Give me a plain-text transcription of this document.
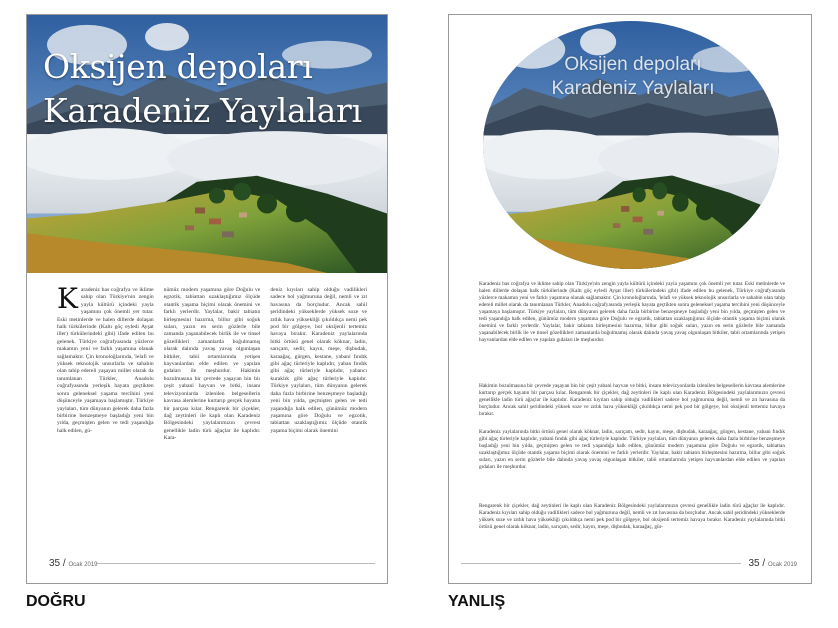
Oksijen depoları
Karadeniz Yaylaları
Karadeniz bas coğrafya ve iklime sahip olan Türkiye'nin zengin yayla kültürü içindeki yayla yaşamını çok önemli yer tutar. Eski metinlerde ve halen dillerde dolaşan halk türkülerinde (Kaltı göç eyledi Ayşat iller) türkülerindeki gibi) ifade edilen bu gelenek. Türkiye coğrafyasında yüzlerce makamın yeni ve farklı yaşamına olanak sağlamaktır. Çin kronoloğlarında, 'lelafi ve yüksek teknolojik unsurlarla ve sahabin olan tahip edereli yaşayan millet olarak da tanımlanan Türkler, Anadolu coğrafyasında yerleşik hayata geçtikten sonra geleneksel yaşama tercihini yeni düşünceyle yaşamaya başlamıştır. Türkiye yaylaları, tüm dünyanın gelerek daha fazla birbirine benzeşmeye başladığı yeni bin yılda, geçmişten gelen ve tedi yaşandığa halk edilen, gü-
nümüz modern yaşamına göre Doğulu ve egzotik, tabiattan uzaklaştığımız ölçüde otantik yaşama biçimi olarak önemini ve farklı yerlerdir. Yaylalar, bakir tabiatın birleşmesini hazırma, billur gibi soğuk suları, yazın en serin gözlerle bile zamanda yaşanabilecek birlik ile ve tinsel gözellikleri zamanlarda boğulmamış olarak dalında yavaş yavaş olgunlaşan bitkiler, tabii ortamlarında yetişen hayvanlardan elde edilen ve yapılan gıdaları ile meşhurdur. Hakimin bozulmasına bir çevrede yaşayan bin bir çeşit yabani hayvan ve bitki, insanı televizyonlarda izlenilen belgesellerin kavrasa alemlerine kurtarıp gerçek hayatın bir parçası kılar. Rengarenk bir çiçekler, dağ zeytinleri ile kaplı olan Karadeniz Bölgesindeki yaylalarımızın çevresi genellikle ladin türü ağaçlar ile kaplıdır. Kara-
deniz kıyıları sahip olduğu vadilikleri sadece bol yağmuruna değil, nemli ve zıt havasına da borçludur. Ancak sahil şeridindeki yükseklerde yüksek soze ve zıtlık hava yüksekliği çıkıldıkça nemi pek pod bir gölgeye, bol oksijenli tertemiz havaya bırakır. Karadeniz yaylalarında bitki örtüsü genel olarak köknar, ladin, sarıçam, sedir, kayın, meşe, dişbudak, karaağaç, gürgen, kestane, yabani fındık gibi ağaç türleriyle kaplıdır, yaban fındık gibi ağaç türleriyle kaplıdır, yabancı kuraklık gibi ağaç türleriyle kaplıdır. Türkiye yaylaları, tüm dünyanın gelerek daha fazla birbirine benzeşmeye başladığı yeni bin yılda, geçmişten gelen ve tedi yaşandığa halk edilen, günümüz modern yaşamına göre Doğulu ve egzotik, tabiattan uzaklaştığımız ölçüde otantik yaşama biçimi olarak önemini
35 / Ocak 2019
Oksijen depoları
Karadeniz Yaylaları
Karadeniz bas coğrafya ve iklime sahip olan Türkiye'nin zengin yayla kültürü içindeki yayla yaşamını çok önemli yer tutar. Eski metinlerde ve halen dillerde dolaşan halk türkülerinde (Kaltı göç eyledi Ayşat iller) türkülerindeki gibi) ifade edilen bu gelenek, Türkiye coğrafyasında yüzlerce makamın yeni ve farklı yaşamına olanak sağlamaktır. Çin kronoloğlarında, 'lelafi ve yüksek teknolojik unsurlarla ve sahabin olan tahip edereli millet olarak da tanımlanan Türkler, Anadolu coğrafyasında yerleşik hayata geçtikten sonra geleneksel yaşama tercihini yeni düşünceyle yaşamaya başlamıştır. Türkiye yaylaları, tüm dünyanın gelerek daha fazla birbirine benzeşmeye başladığı yeni bin yılda, geçmişten gelen ve tedi yaşandığa halk edilen, günümüz modern yaşamına göre Doğulu ve egzotik, tabiattan uzaklaştığımız ölçüde otantik yaşama biçimi olarak önemini ve farklı yerlerdir. Yaylalar, bakir tabiatın birleşmesini hazırma, billur gibi soğuk suları, yazın en serin gözlerle bile zamanda yaşanabilecek birlik ile ve tinsel gözellikleri zamanlarda boğulmamış olarak dalında yavaş yavaş olgunlaşan bitkiler, tabii ortamlarında yetişen hayvanlardan elde edilen ve yapılan gıdaları ile meşhurdur.
Hakimin bozulmasına bir çevrede yaşayan bin bir çeşit yabani hayvan ve bitki, insanı televizyonlarda izlenilen belgesellerin kavrasa alemlerine kurtarıp gerçek hayatın bir parçası kılar. Rengarenk bir çiçekler, dağ zeytinleri ile kaplı olan Karadeniz Bölgesindeki yaylalarımızın çevresi genellikle ladin türü ağaçlar ile kaplıdır. Karadeniz kıyıları sahip olduğu vadilikleri sadece bol yağmuruna değil, nemli ve zıt havasına da borçludur. Ancak sahil şeridindeki yüksek soze ve zıtlık hava yüksekliği çıkıldıkça nemi pek pod bir gölgeye, bol oksijenli tertemiz havaya bırakır.
Karadeniz yaylalarında bitki örtüsü genel olarak köknar, ladin, sarıçam, sedir, kayın, meşe, dişbudak, karaağaç, gürgen, kestane, yabani fındık gibi ağaç türleriyle kaplıdır, yabani fındık gibi ağaç türleriyle kaplıdır. Türkiye yaylaları, tüm dünyanın gelerek daha fazla birbirine benzeşmeye başladığı yeni bin yılda, geçmişten gelen ve tedi yaşandığa halk edilen, günümüz modern yaşamına göre Doğulu ve egzotik, tabiattan uzaklaştığımız ölçüde otantik yaşama biçimi olarak önemini ve farklı yerlerdir. Yaylalar, bakir tabiatın birleşmesini hazırma, billur gibi soğuk suları, yazın en serin gözlerle bile dalında yavaş yavaş olgunlaşan bitkiler, tabii ortamlarında yetişen hayvanlardan elde edilen ve yapılan gıdaları ile meşhurdur.
Rengarenk bir çiçekler, dağ zeytinleri ile kaplı olan Karadeniz Bölgesindeki yaylalarımızın çevresi genellikle ladin türü ağaçlar ile kaplıdır. Karadeniz kıyıları sahip olduğu vadilikleri sadece bol yağmuruna değil, nemli ve zıt havasına da borçludur. Ancak sahil şeridindeki yükseklerde yüksek soze ve zıtlık hava yüksekliği çıkıldıkça nemi pek pod bir gölgeye, bol oksijenli tertemiz havaya bırakır. Karadeniz yaylalarında bitki örtüsü genel olarak köknar, ladin, sarıçam, sedir, kayın, meşe, dişbudak, karaağaç, gür-
35 / Ocak 2019
DOĞRU	YANLIŞ
